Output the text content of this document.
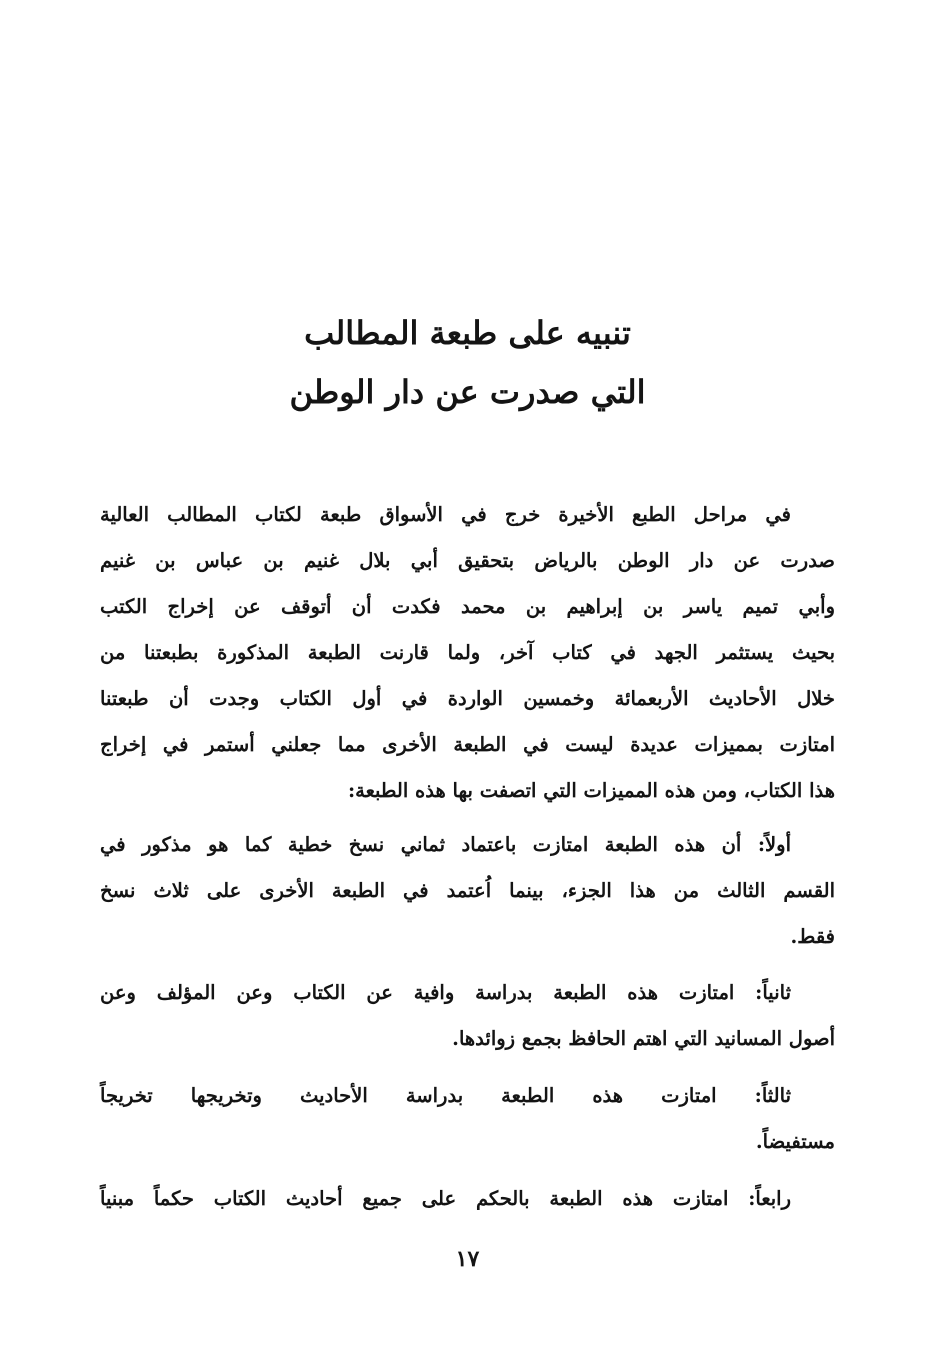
تنبيه على طبعة المطالب
التي صدرت عن دار الوطن
في مراحل الطبع الأخيرة خرج في الأسواق طبعة لكتاب المطالب العالية
صدرت عن دار الوطن بالرياض بتحقيق أبي بلال غنيم بن عباس بن غنيم
وأبي تميم ياسر بن إبراهيم بن محمد فكدت أن أتوقف عن إخراج الكتب
بحيث يستثمر الجهد في كتاب آخر، ولما قارنت الطبعة المذكورة بطبعتنا من
خلال الأحاديث الأربعمائة وخمسين الواردة في أول الكتاب وجدت أن طبعتنا
امتازت بمميزات عديدة ليست في الطبعة الأخرى مما جعلني أستمر في إخراج
هذا الكتاب، ومن هذه المميزات التي اتصفت بها هذه الطبعة:
أولاً: أن هذه الطبعة امتازت باعتماد ثماني نسخ خطية كما هو مذكور في
القسم الثالث من هذا الجزء، بينما اُعتمد في الطبعة الأخرى على ثلاث نسخ
فقط.
ثانياً: امتازت هذه الطبعة بدراسة وافية عن الكتاب وعن المؤلف وعن
أصول المسانيد التي اهتم الحافظ بجمع زوائدها.
ثالثاً: امتازت هذه الطبعة بدراسة الأحاديث وتخريجها تخريجاً
مستفيضاً.
رابعاً: امتازت هذه الطبعة بالحكم على جميع أحاديث الكتاب حكماً مبنياً
١٧
